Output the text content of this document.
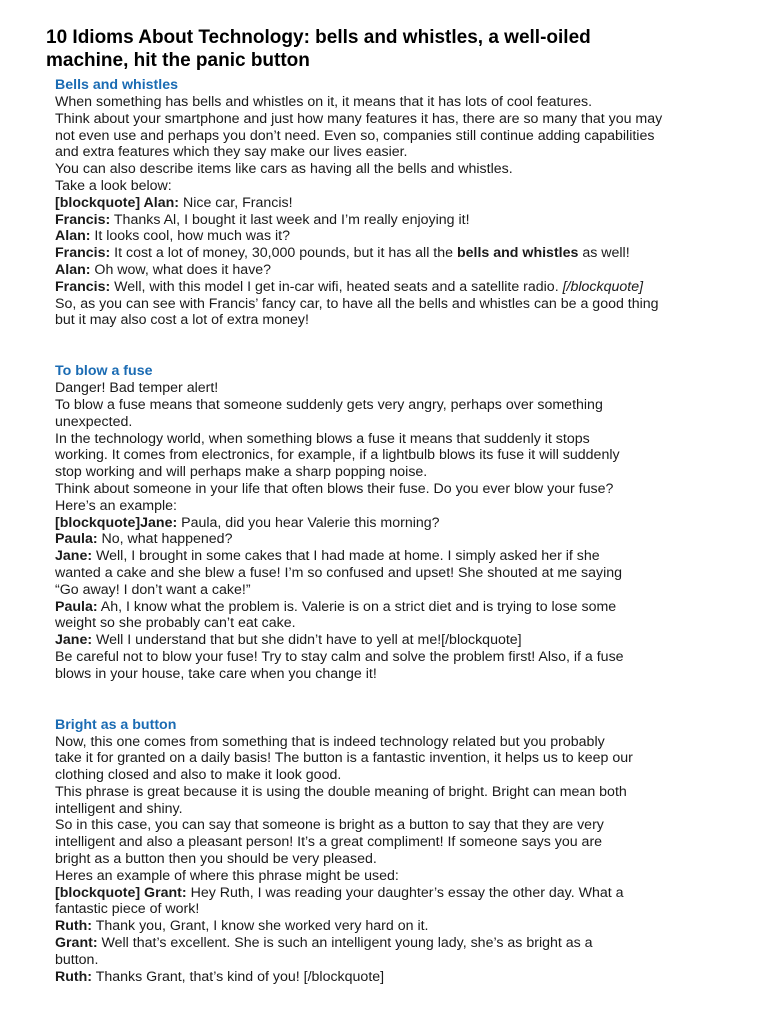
10 Idioms About Technology: bells and whistles, a well-oiled
machine, hit the panic button
Bells and whistles
When something has bells and whistles on it, it means that it has lots of cool features.
Think about your smartphone and just how many features it has, there are so many that you may
not even use and perhaps you don’t need. Even so, companies still continue adding capabilities
and extra features which they say make our lives easier.
You can also describe items like cars as having all the bells and whistles.
Take a look below:
[blockquote] Alan: Nice car, Francis!
Francis: Thanks Al, I bought it last week and I’m really enjoying it!
Alan: It looks cool, how much was it?
Francis: It cost a lot of money, 30,000 pounds, but it has all the bells and whistles as well!
Alan: Oh wow, what does it have?
Francis: Well, with this model I get in-car wifi, heated seats and a satellite radio. [/blockquote]
So, as you can see with Francis’ fancy car, to have all the bells and whistles can be a good thing
but it may also cost a lot of extra money!
To blow a fuse
Danger! Bad temper alert!
To blow a fuse means that someone suddenly gets very angry, perhaps over something
unexpected.
In the technology world, when something blows a fuse it means that suddenly it stops
working. It comes from electronics, for example, if a lightbulb blows its fuse it will suddenly
stop working and will perhaps make a sharp popping noise.
Think about someone in your life that often blows their fuse. Do you ever blow your fuse?
Here’s an example:
[blockquote]Jane: Paula, did you hear Valerie this morning?
Paula: No, what happened?
Jane: Well, I brought in some cakes that I had made at home. I simply asked her if she
wanted a cake and she blew a fuse! I’m so confused and upset! She shouted at me saying
“Go away! I don’t want a cake!”
Paula: Ah, I know what the problem is. Valerie is on a strict diet and is trying to lose some
weight so she probably can’t eat cake.
Jane: Well I understand that but she didn’t have to yell at me![/blockquote]
Be careful not to blow your fuse! Try to stay calm and solve the problem first! Also, if a fuse
blows in your house, take care when you change it!
Bright as a button
Now, this one comes from something that is indeed technology related but you probably
take it for granted on a daily basis! The button is a fantastic invention, it helps us to keep our
clothing closed and also to make it look good.
This phrase is great because it is using the double meaning of bright. Bright can mean both
intelligent and shiny.
So in this case, you can say that someone is bright as a button to say that they are very
intelligent and also a pleasant person! It’s a great compliment! If someone says you are
bright as a button then you should be very pleased.
Heres an example of where this phrase might be used:
[blockquote] Grant: Hey Ruth, I was reading your daughter’s essay the other day. What a
fantastic piece of work!
Ruth: Thank you, Grant, I know she worked very hard on it.
Grant: Well that’s excellent. She is such an intelligent young lady, she’s as bright as a
button.
Ruth: Thanks Grant, that’s kind of you! [/blockquote]
